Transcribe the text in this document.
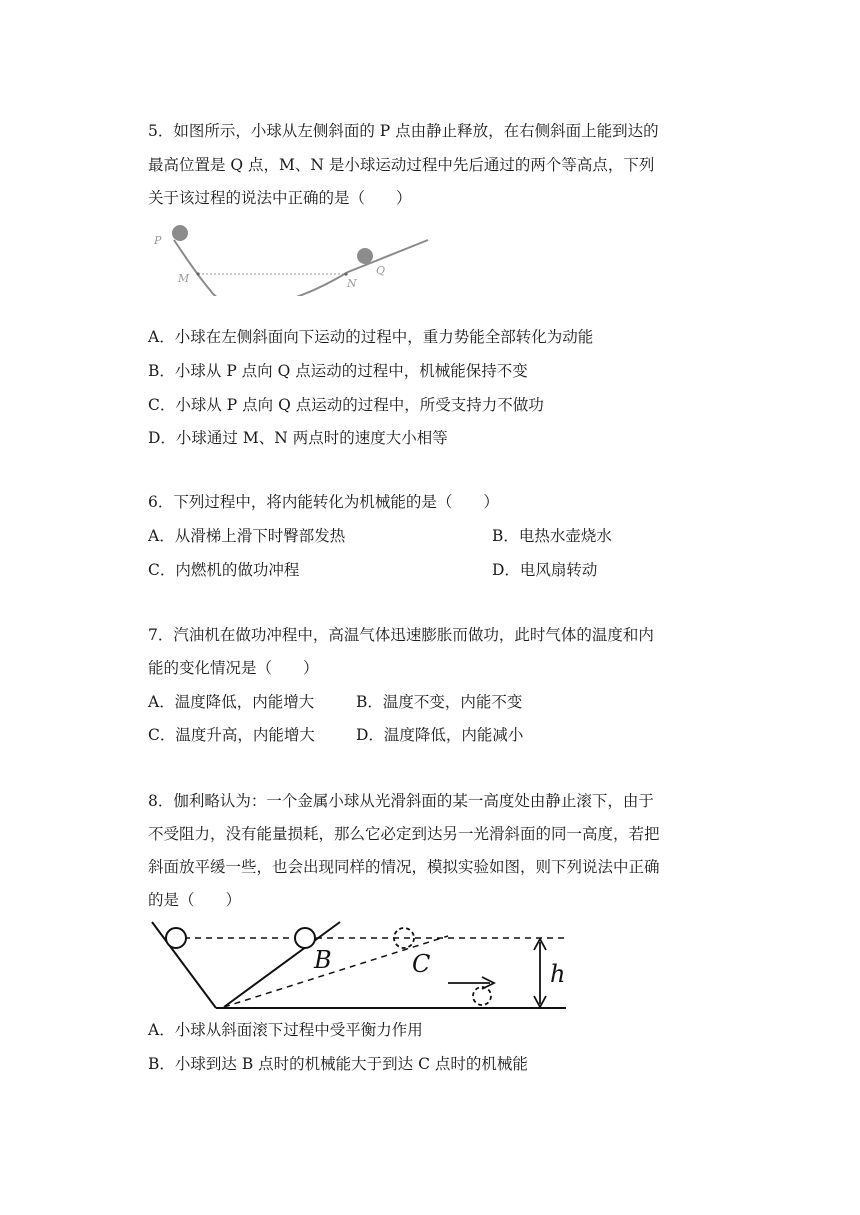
5．如图所示，小球从左侧斜面的 P 点由静止释放，在右侧斜面上能到达的
最高位置是 Q 点，M、N 是小球运动过程中先后通过的两个等高点，下列
关于该过程的说法中正确的是（　　）
P
M	N
Q
A．小球在左侧斜面向下运动的过程中，重力势能全部转化为动能
B．小球从 P 点向 Q 点运动的过程中，机械能保持不变
C．小球从 P 点向 Q 点运动的过程中，所受支持力不做功
D．小球通过 M、N 两点时的速度大小相等
6．下列过程中，将内能转化为机械能的是（　　）
A．从滑梯上滑下时臀部发热	B．电热水壶烧水
C．内燃机的做功冲程	D．电风扇转动
7．汽油机在做功冲程中，高温气体迅速膨胀而做功，此时气体的温度和内
能的变化情况是（　　）
A．温度降低，内能增大	B．温度不变，内能不变
C．温度升高，内能增大	D．温度降低，内能减小
8．伽利略认为：一个金属小球从光滑斜面的某一高度处由静止滚下，由于
不受阻力，没有能量损耗，那么它必定到达另一光滑斜面的同一高度，若把
斜面放平缓一些，也会出现同样的情况，模拟实验如图，则下列说法中正确
的是（　　）
B	C	h
A．小球从斜面滚下过程中受平衡力作用
B．小球到达 B 点时的机械能大于到达 C 点时的机械能
